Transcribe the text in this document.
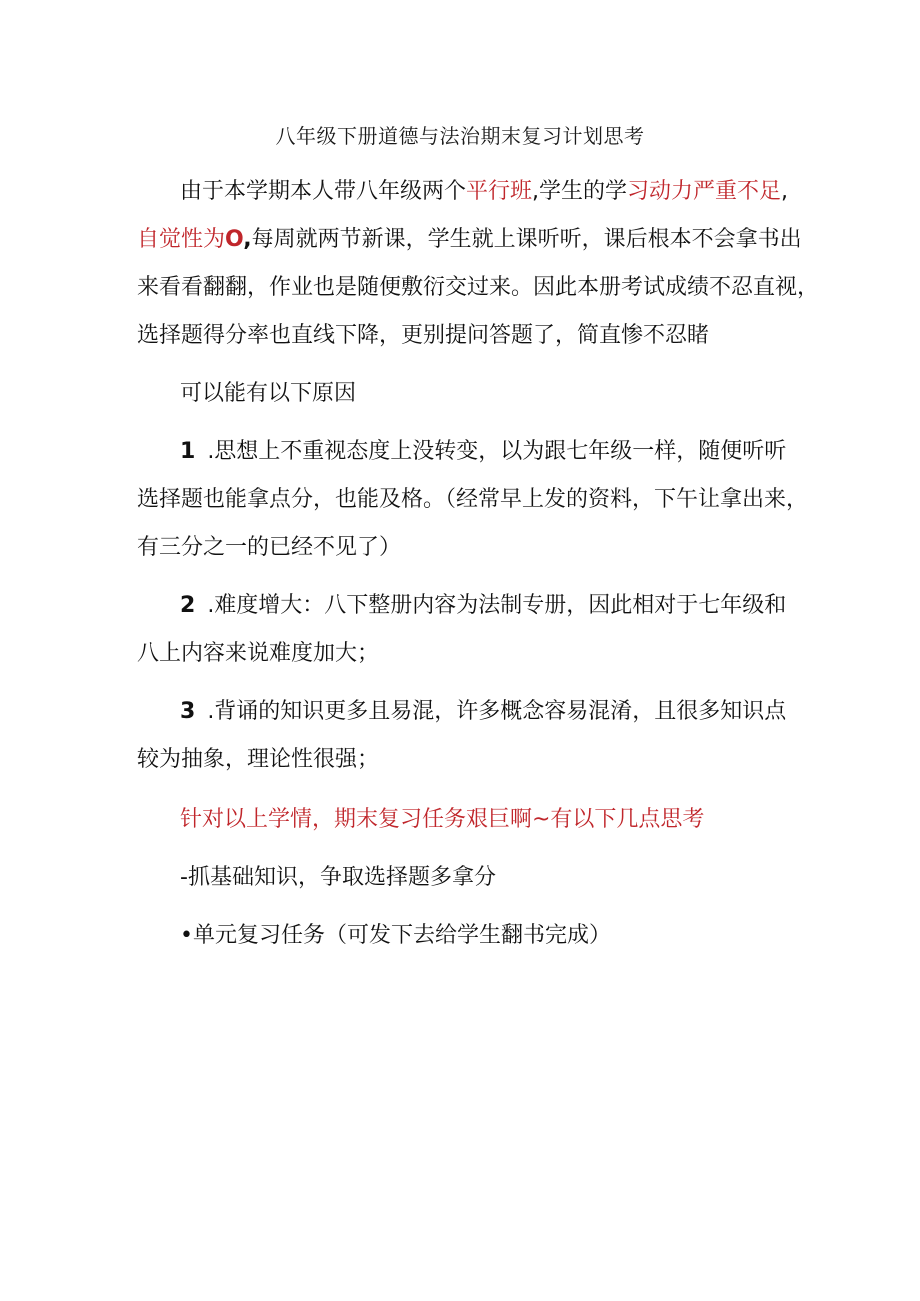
八年级下册道德与法治期末复习计划思考
由于本学期本人带八年级两个平行班,学生的学习动力严重不足,
自觉性为O,每周就两节新课，学生就上课听听，课后根本不会拿书出
来看看翻翻，作业也是随便敷衍交过来。因此本册考试成绩不忍直视，
选择题得分率也直线下降，更别提问答题了，简直惨不忍睹
可以能有以下原因
1 .思想上不重视态度上没转变，以为跟七年级一样，随便听听
选择题也能拿点分，也能及格。（经常早上发的资料，下午让拿出来，
有三分之一的已经不见了）
2 .难度增大：八下整册内容为法制专册，因此相对于七年级和
八上内容来说难度加大；
3 .背诵的知识更多且易混，许多概念容易混淆，且很多知识点
较为抽象，理论性很强；
针对以上学情，期末复习任务艰巨啊~有以下几点思考
-抓基础知识，争取选择题多拿分
•单元复习任务（可发下去给学生翻书完成）
